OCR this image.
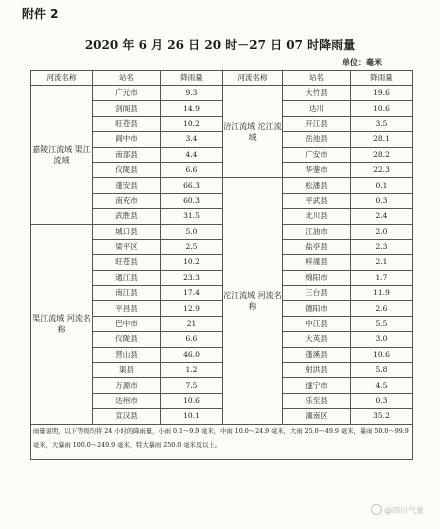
附件 2
2020 年 6 月 26 日 20 时－27 日 07 时降雨量
单位：毫米
河流名称	站名	降雨量	河流名称	站名	降雨量
嘉陵江流域 渠江流域	广元市	9.3	涪江流域 沱江流域	大竹县	19.6
	剑阁县	14.9		达川	10.6
	旺苍县	10.2		开江县	3.5
	阆中市	3.4		岳池县	28.1
	南部县	4.4		广安市	28.2
	仪陇县	6.6		华蓥市	22.3
	蓬安县	66.3	沱江流域 河流名称	松潘县	0.1
	南充市	60.3		平武县	0.3
	武胜县	31.5		北川县	2.4
渠江流域 河流名称	城口县	5.0		江油市	2.0
	梁平区	2.5		盐亭县	2.3
	旺苍县	10.2		梓潼县	2.1
	通江县	23.3		绵阳市	1.7
	南江县	17.4		三台县	11.9
	平昌县	12.9		德阳市	2.6
	巴中市	21		中江县	5.5
	仪陇县	6.6		大英县	3.0
	营山县	46.0		蓬溪县	10.6
	渠县	1.2		射洪县	5.8
	万源市	7.5		遂宁市	4.5
	达州市	10.6		乐至县	0.3
	宣汉县	10.1		潼南区	35.2
雨量说明，以下等级均将 24 小时的降雨量，小雨 0.1～9.9 毫米，中雨 10.0～24.9 毫米，大雨 25.0～49.9 毫米，暴雨 50.0～99.9 毫米，大暴雨 100.0～249.9 毫米，特大暴雨 250.0 毫米及以上。					
@四川气象
